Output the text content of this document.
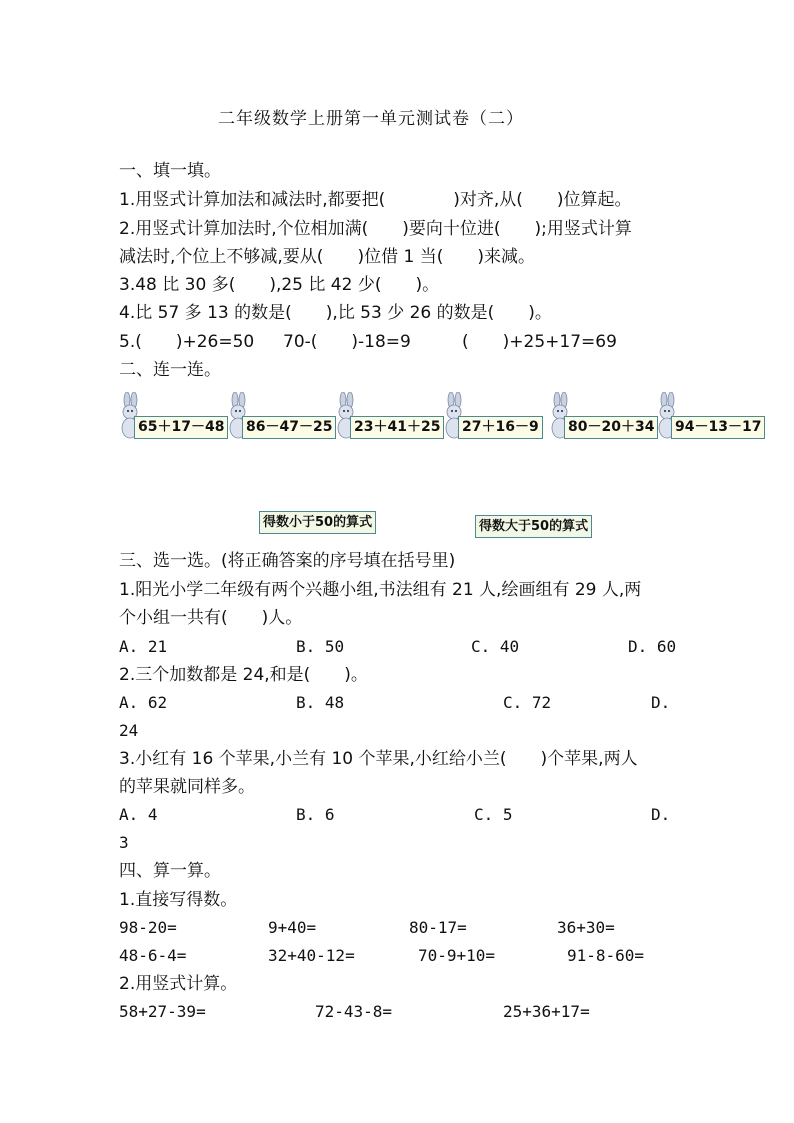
二年级数学上册第一单元测试卷（二）
一、填一填。
1.用竖式计算加法和减法时,都要把(　　　　)对齐,从(　　)位算起。
2.用竖式计算加法时,个位相加满(　　)要向十位进(　　);用竖式计算
减法时,个位上不够减,要从(　　)位借 1 当(　　)来减。
3.48 比 30 多(　　),25 比 42 少(　　)。
4.比 57 多 13 的数是(　　),比 53 少 26 的数是(　　)。
5.(　　)+26=50 70-(　　)-18=9	(　　)+25+17=69
二、连一连。
65＋17－48 86－47－25 23＋41＋25 27＋16－9 80－20＋34 94－13－17
得数小于50的算式	得数大于50的算式
三、选一选。(将正确答案的序号填在括号里)
1.阳光小学二年级有两个兴趣小组,书法组有 21 人,绘画组有 29 人,两
个小组一共有(　　)人。
A. 21	B. 50	C. 40	D. 60
2.三个加数都是 24,和是(　　)。
A. 62	B. 48	C. 72	D.
24
3.小红有 16 个苹果,小兰有 10 个苹果,小红给小兰(　　)个苹果,两人
的苹果就同样多。
A. 4	B. 6	C. 5	D.
3
四、算一算。
1.直接写得数。
98-20=	9+40=	80-17=	36+30=
48-6-4=	32+40-12=	70-9+10=	91-8-60=
2.用竖式计算。
58+27-39=	72-43-8=	25+36+17=
